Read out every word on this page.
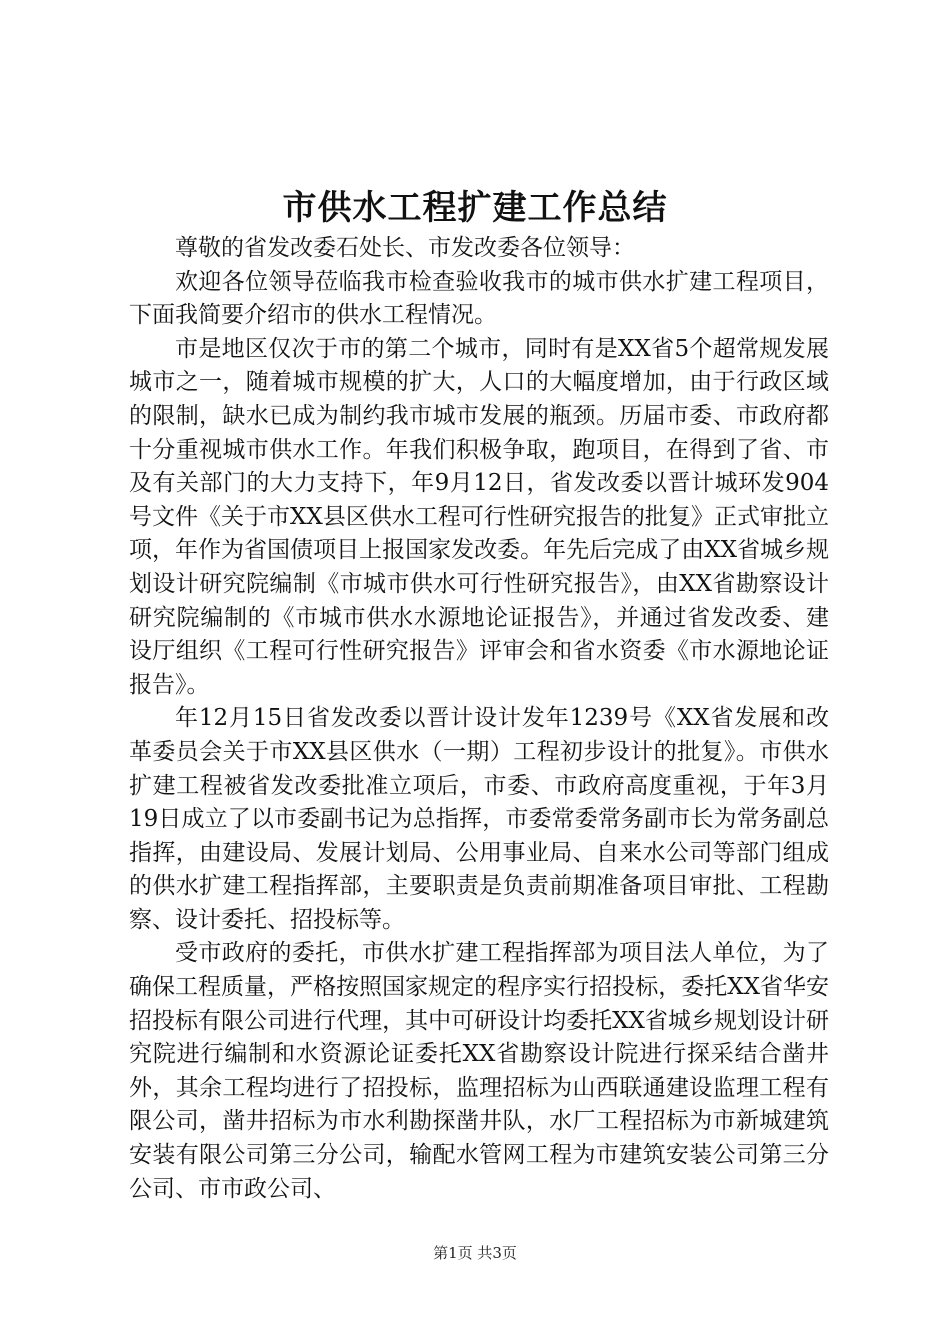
市供水工程扩建工作总结

尊敬的省发改委石处长、市发改委各位领导：

欢迎各位领导莅临我市检查验收我市的城市供水扩建工程项目，下面我简要介绍市的供水工程情况。

市是地区仅次于市的第二个城市，同时有是XX省5个超常规发展城市之一，随着城市规模的扩大，人口的大幅度增加，由于行政区域的限制，缺水已成为制约我市城市发展的瓶颈。历届市委、市政府都十分重视城市供水工作。年我们积极争取，跑项目，在得到了省、市及有关部门的大力支持下，年9月12日，省发改委以晋计城环发904号文件《关于市XX县区供水工程可行性研究报告的批复》正式审批立项，年作为省国债项目上报国家发改委。年先后完成了由XX省城乡规划设计研究院编制《市城市供水可行性研究报告》，由XX省勘察设计研究院编制的《市城市供水水源地论证报告》，并通过省发改委、建设厅组织《工程可行性研究报告》评审会和省水资委《市水源地论证报告》。

年12月15日省发改委以晋计设计发年1239号《XX省发展和改革委员会关于市XX县区供水（一期）工程初步设计的批复》。市供水扩建工程被省发改委批准立项后，市委、市政府高度重视，于年3月19日成立了以市委副书记为总指挥，市委常委常务副市长为常务副总指挥，由建设局、发展计划局、公用事业局、自来水公司等部门组成的供水扩建工程指挥部，主要职责是负责前期准备项目审批、工程勘察、设计委托、招投标等。

受市政府的委托，市供水扩建工程指挥部为项目法人单位，为了确保工程质量，严格按照国家规定的程序实行招投标，委托XX省华安招投标有限公司进行代理，其中可研设计均委托XX省城乡规划设计研究院进行编制和水资源论证委托XX省勘察设计院进行探采结合凿井外，其余工程均进行了招投标，监理招标为山西联通建设监理工程有限公司，凿井招标为市水利勘探凿井队，水厂工程招标为市新城建筑安装有限公司第三分公司，输配水管网工程为市建筑安装公司第三分公司、市市政公司、

第1页 共3页
